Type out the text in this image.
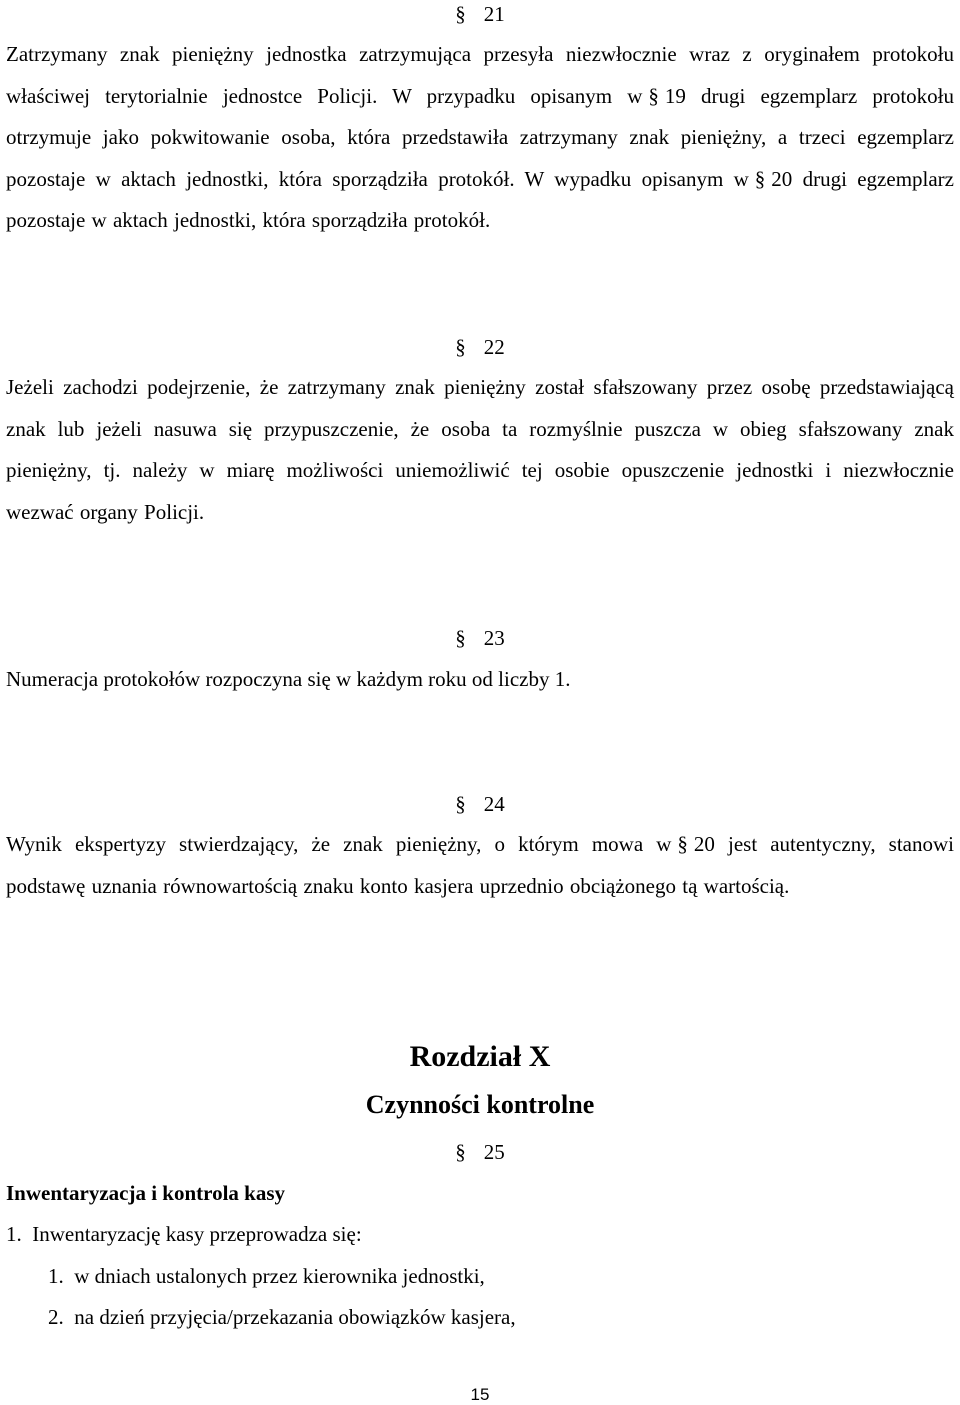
§ 21

Zatrzymany znak pieniężny jednostka zatrzymująca przesyła niezwłocznie wraz z oryginałem protokołu właściwej terytorialnie jednostce Policji. W przypadku opisanym w § 19 drugi egzemplarz protokołu otrzymuje jako pokwitowanie osoba, która przedstawiła zatrzymany znak pieniężny, a trzeci egzemplarz pozostaje w aktach jednostki, która sporządziła protokół. W wypadku opisanym w § 20 drugi egzemplarz pozostaje w aktach jednostki, która sporządziła protokół.

§ 22

Jeżeli zachodzi podejrzenie, że zatrzymany znak pieniężny został sfałszowany przez osobę przedstawiającą znak lub jeżeli nasuwa się przypuszczenie, że osoba ta rozmyślnie puszcza w obieg sfałszowany znak pieniężny, tj. należy w miarę możliwości uniemożliwić tej osobie opuszczenie jednostki i niezwłocznie wezwać organy Policji.

§ 23

Numeracja protokołów rozpoczyna się w każdym roku od liczby 1.

§ 24

Wynik ekspertyzy stwierdzający, że znak pieniężny, o którym mowa w § 20 jest autentyczny, stanowi podstawę uznania równowartością znaku konto kasjera uprzednio obciążonego tą wartością.

Rozdział X
Czynności kontrolne
§ 25

Inwentaryzacja i kontrola kasy

1.  Inwentaryzację kasy przeprowadza się:

1.  w dniach ustalonych przez kierownika jednostki,

2.  na dzień przyjęcia/przekazania obowiązków kasjera,

15
